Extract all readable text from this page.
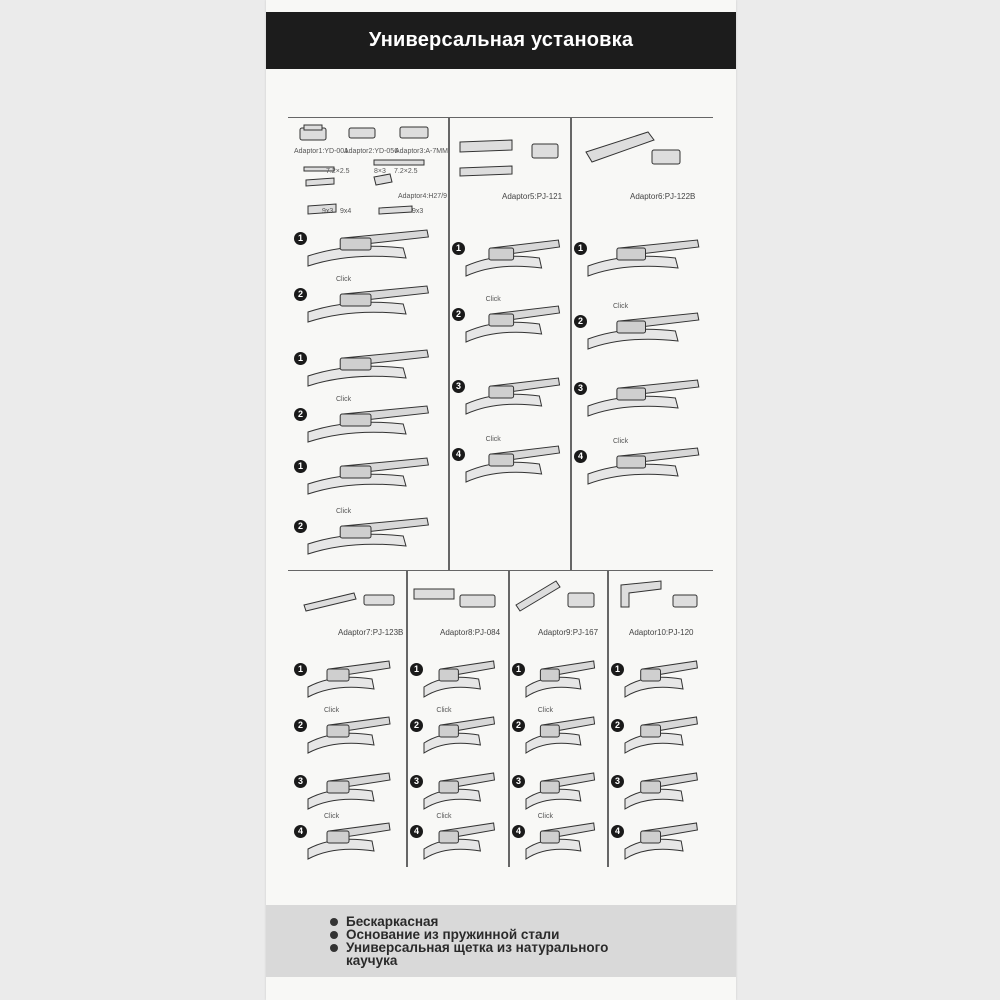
Универсальная установка
Adaptor1:YD-001
Adaptor2:YD-056
Adaptor3:A-7MM
7.2×2.5	8×3 7.2×2.5
Adaptor4:H27/9
9x3 9x4	9x3
1
2
Click
1
2
Click
1
2
Click
Adaptor5:PJ-121
1
2
Click
3
4
Click
Adaptor6:PJ-122B
1
2
Click
3
4
Click
Adaptor7:PJ-123B
1
2
Click
3
4
Click
Adaptor8:PJ-084
1
2
Click
3
4
Click
Adaptor9:PJ-167
1
2
Click
3
4
Click
Adaptor10:PJ-120
1
2
3
4
Бескаркасная
Основание из пружинной стали
Универсальная щетка из натурального
каучука
